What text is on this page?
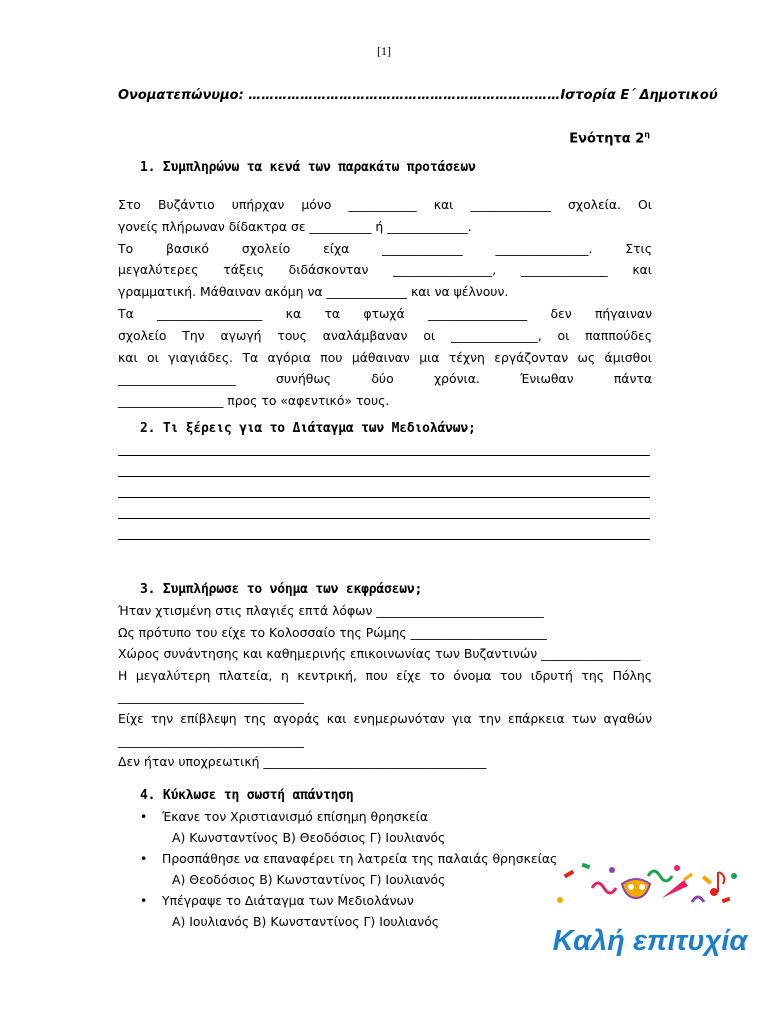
[1]
Ονοματεπώνυμο: ………………………………………………………………Ιστορία Ε΄ Δημοτικού
Ενότητα $2^\eta$
1. Συμπληρώνω τα κενά των παρακάτω προτάσεων
Στο Βυζάντιο υπήρχαν μόνο ___________ και _____________ σχολεία. Οι
γονείς πλήρωναν δίδακτρα σε __________ ή _____________.
Το βασικό σχολείο είχα _____________ _______________. Στις
μεγαλύτερες τάξεις διδάσκονταν ________________, ______________ και
γραμματική. Μάθαιναν ακόμη να _____________ και να ψέλνουν.
Τα _________________ κα τα φτωχά ________________ δεν πήγαιναν
σχολείο Την αγωγή τους αναλάμβαναν οι ______________, οι παππούδες
και οι γιαγιάδες. Τα αγόρια που μάθαιναν μια τέχνη εργάζονταν ως άμισθοι
___________________ συνήθως δύο χρόνια. Ένιωθαν πάντα
_________________ προς το «αφεντικό» τους.
2. Τι ξέρεις για το Διάταγμα των Μεδιολάνων;
3. Συμπλήρωσε το νόημα των εκφράσεων;
Ήταν χτισμένη στις πλαγιές επτά λόφων ___________________________
Ως πρότυπο του είχε το Κολοσσαίο της Ρώμης ______________________
Χώρος συνάντησης και καθημερινής επικοινωνίας των Βυζαντινών ________________
Η μεγαλύτερη πλατεία, η κεντρική, που είχε το όνομα του ιδρυτή της Πόλης
______________________________
Είχε την επίβλεψη της αγοράς και ενημερωνόταν για την επάρκεια των αγαθών
______________________________
Δεν ήταν υποχρεωτική ____________________________________
4. Κύκλωσε τη σωστή απάντηση
• Έκανε τον Χριστιανισμό επίσημη θρησκεία
Α) Κωνσταντίνος Β) Θεοδόσιος Γ) Ιουλιανός
• Προσπάθησε να επαναφέρει τη λατρεία της παλαιάς θρησκείας
Α) Θεοδόσιος Β) Κωνσταντίνος Γ) Ιουλιανός
• Υπέγραψε το Διάταγμα των Μεδιολάνων
Α) Ιουλιανός Β) Κωνσταντίνος Γ) Ιουλιανός
Καλή επιτυχία
